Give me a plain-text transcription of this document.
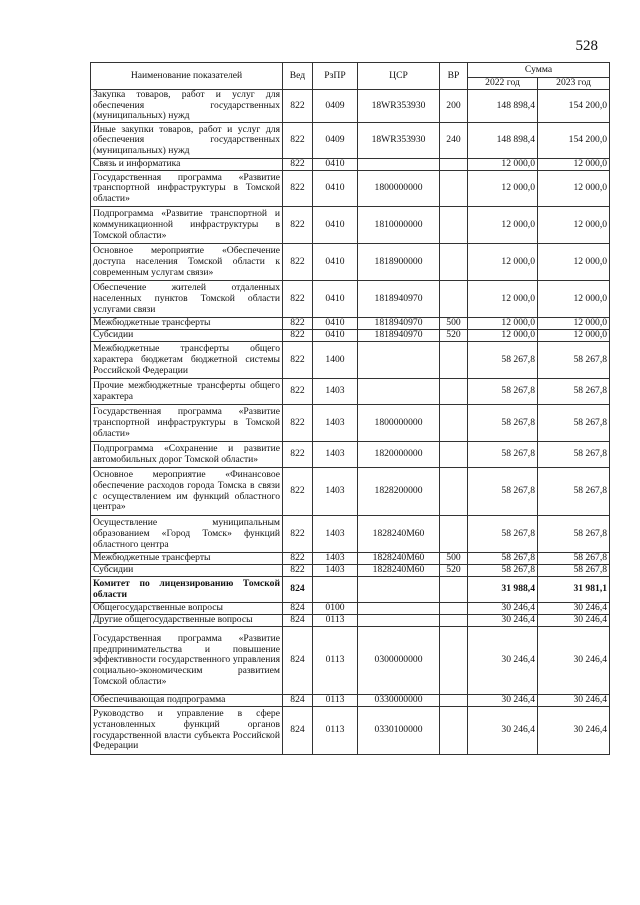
528
Наименование показателей	Вед	РзПР	ЦСР	ВР	Сумма	
					2022 год	2023 год
Закупка товаров, работ и услуг для обеспечения государственных (муниципальных) нужд	822	0409	18WR353930	200	148 898,4	154 200,0
Иные закупки товаров, работ и услуг для обеспечения государственных (муниципальных) нужд	822	0409	18WR353930	240	148 898,4	154 200,0
Связь и информатика	822	0410			12 000,0	12 000,0
Государственная программа «Развитие транспортной инфраструктуры в Томской области»	822	0410	1800000000		12 000,0	12 000,0
Подпрограмма «Развитие транспортной и коммуникационной инфраструктуры в Томской области»	822	0410	1810000000		12 000,0	12 000,0
Основное мероприятие «Обеспечение доступа населения Томской области к современным услугам связи»	822	0410	1818900000		12 000,0	12 000,0
Обеспечение жителей отдаленных населенных пунктов Томской области услугами связи	822	0410	1818940970		12 000,0	12 000,0
Межбюджетные трансферты	822	0410	1818940970	500	12 000,0	12 000,0
Субсидии	822	0410	1818940970	520	12 000,0	12 000,0
Межбюджетные трансферты общего характера бюджетам бюджетной системы Российской Федерации	822	1400			58 267,8	58 267,8
Прочие межбюджетные трансферты общего характера	822	1403			58 267,8	58 267,8
Государственная программа «Развитие транспортной инфраструктуры в Томской области»	822	1403	1800000000		58 267,8	58 267,8
Подпрограмма «Сохранение и развитие автомобильных дорог Томской области»	822	1403	1820000000		58 267,8	58 267,8
Основное мероприятие «Финансовое обеспечение расходов города Томска в связи с осуществлением им функций областного центра»	822	1403	1828200000		58 267,8	58 267,8
Осуществление муниципальным образованием «Город Томск» функций областного центра	822	1403	1828240M60		58 267,8	58 267,8
Межбюджетные трансферты	822	1403	1828240M60	500	58 267,8	58 267,8
Субсидии	822	1403	1828240M60	520	58 267,8	58 267,8
Комитет по лицензированию Томской области	824				31 988,4	31 981,1
Общегосударственные вопросы	824	0100			30 246,4	30 246,4
Другие общегосударственные вопросы	824	0113			30 246,4	30 246,4
Государственная программа «Развитие предпринимательства и повышение эффективности государственного управления социально-экономическим развитием Томской области»	824	0113	0300000000		30 246,4	30 246,4
Обеспечивающая подпрограмма	824	0113	0330000000		30 246,4	30 246,4
Руководство и управление в сфере установленных функций органов государственной власти субъекта Российской Федерации	824	0113	0330100000		30 246,4	30 246,4
